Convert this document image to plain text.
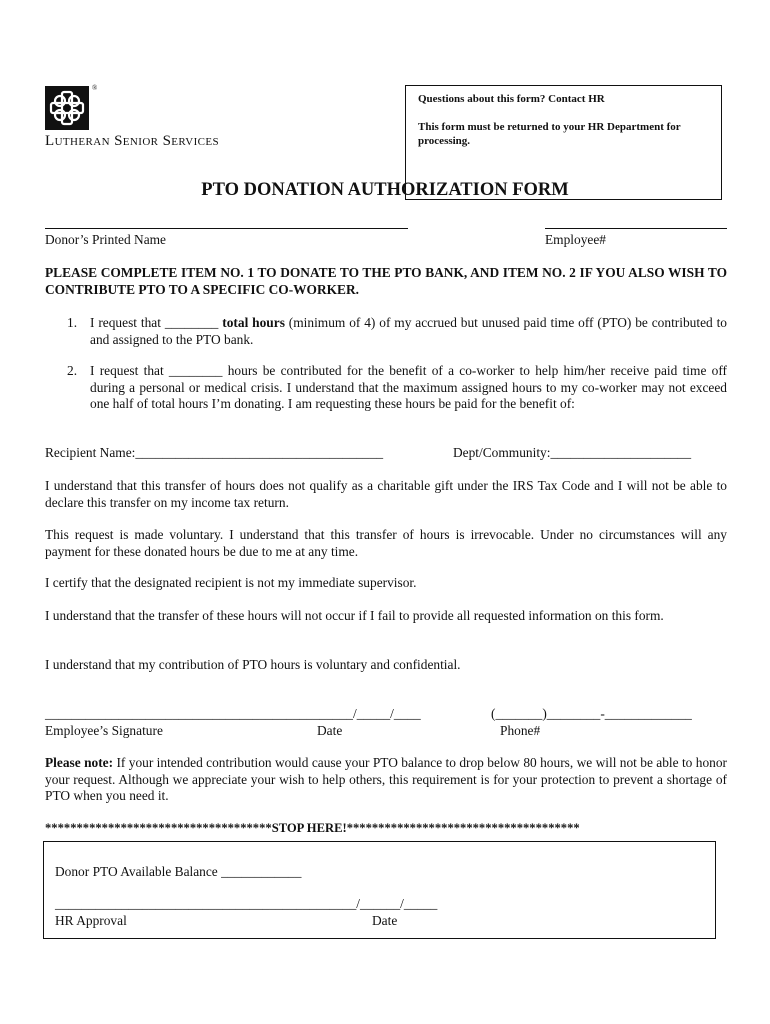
®
Lutheran Senior Services
Questions about this form? Contact HR
This form must be returned to your HR Department for processing.
PTO DONATION AUTHORIZATION FORM
Donor’s Printed Name	Employee#
PLEASE COMPLETE ITEM NO. 1 TO DONATE TO THE PTO BANK, AND ITEM NO. 2 IF YOU ALSO WISH TO CONTRIBUTE PTO TO A SPECIFIC CO-WORKER.
1. I request that ________ total hours (minimum of 4) of my accrued but unused paid time off (PTO) be contributed to and assigned to the PTO bank.
2. I request that ________ hours be contributed for the benefit of a co-worker to help him/her receive paid time off during a personal or medical crisis. I understand that the maximum assigned hours to my co-worker may not exceed one half of total hours I’m donating. I am requesting these hours be paid for the benefit of:
Recipient Name:_____________________________________	Dept/Community:_____________________
I understand that this transfer of hours does not qualify as a charitable gift under the IRS Tax Code and I will not be able to declare this transfer on my income tax return.
This request is made voluntary. I understand that this transfer of hours is irrevocable. Under no circumstances will any payment for these donated hours be due to me at any time.
I certify that the designated recipient is not my immediate supervisor.
I understand that the transfer of these hours will not occur if I fail to provide all requested information on this form.
I understand that my contribution of PTO hours is voluntary and confidential.
______________________________________________/_____/____	(_______)________-_____________
Employee’s Signature	Date	Phone#
Please note: If your intended contribution would cause your PTO balance to drop below 80 hours, we will not be able to honor your request. Although we appreciate your wish to help others, this requirement is for your protection to prevent a shortage of PTO when you need it.
************************************STOP HERE!*************************************
Donor PTO Available Balance ____________
_____________________________________________/______/_____
HR Approval	Date
